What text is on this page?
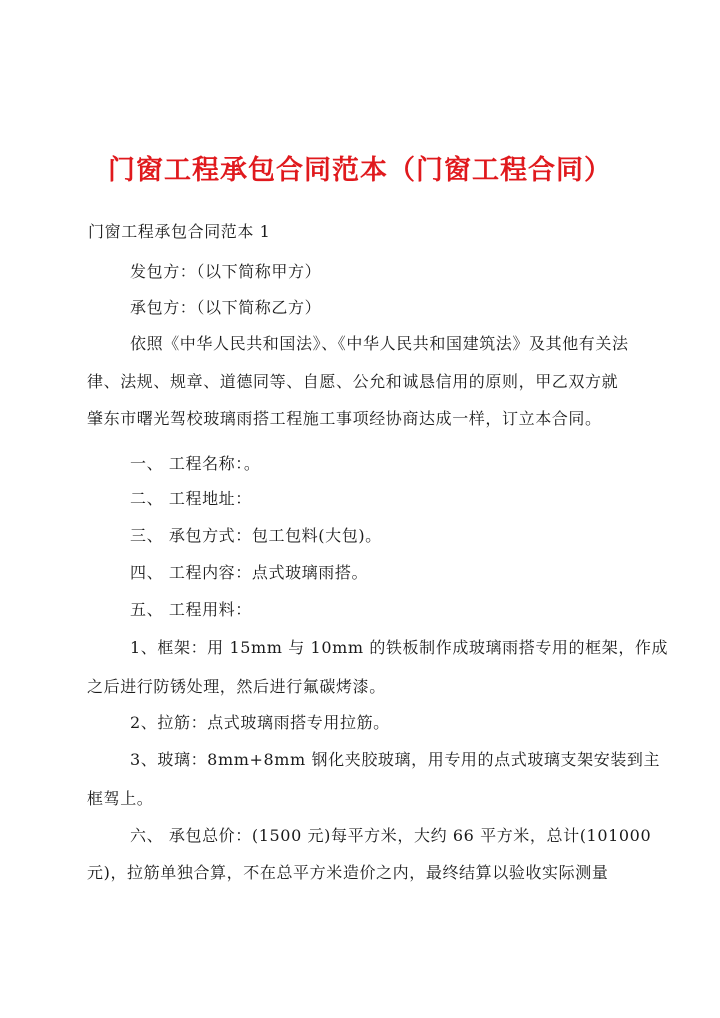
门窗工程承包合同范本（门窗工程合同）
门窗工程承包合同范本 1
发包方：（以下简称甲方）
承包方：（以下简称乙方）
依照《中华人民共和国法》、《中华人民共和国建筑法》及其他有关法
律、法规、规章、道德同等、自愿、公允和诚恳信用的原则，甲乙双方就
肇东市曙光驾校玻璃雨搭工程施工事项经协商达成一样，订立本合同。
一、 工程名称：。
二、 工程地址：
三、 承包方式：包工包料(大包)。
四、 工程内容：点式玻璃雨搭。
五、 工程用料：
1、框架：用 15mm 与 10mm 的铁板制作成玻璃雨搭专用的框架，作成
之后进行防锈处理，然后进行氟碳烤漆。
2、拉筋：点式玻璃雨搭专用拉筋。
3、玻璃：8mm+8mm 钢化夹胶玻璃，用专用的点式玻璃支架安装到主
框驾上。
六、 承包总价：(1500 元)每平方米，大约 66 平方米，总计(101000
元)，拉筋单独合算，不在总平方米造价之内，最终结算以验收实际测量
